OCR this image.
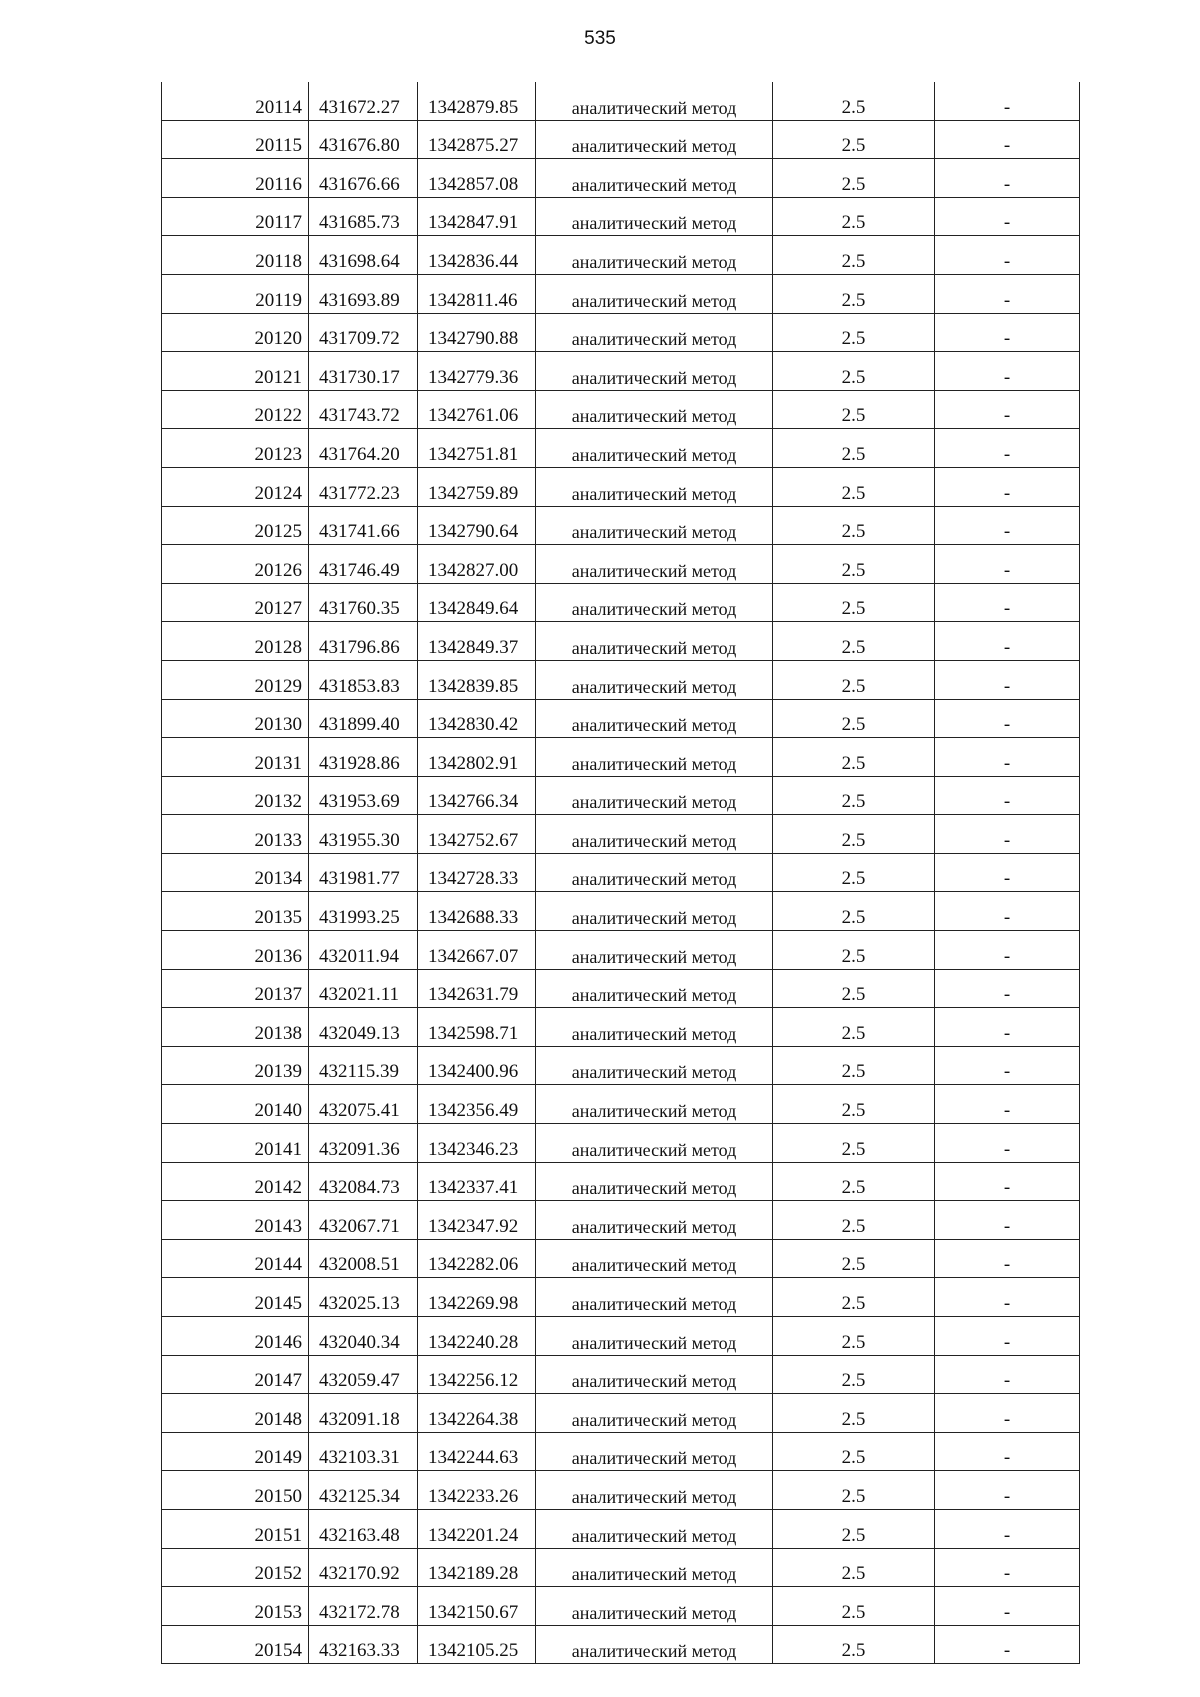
535
20114	431672.27	1342879.85	аналитический метод	2.5	-
20115	431676.80	1342875.27	аналитический метод	2.5	-
20116	431676.66	1342857.08	аналитический метод	2.5	-
20117	431685.73	1342847.91	аналитический метод	2.5	-
20118	431698.64	1342836.44	аналитический метод	2.5	-
20119	431693.89	1342811.46	аналитический метод	2.5	-
20120	431709.72	1342790.88	аналитический метод	2.5	-
20121	431730.17	1342779.36	аналитический метод	2.5	-
20122	431743.72	1342761.06	аналитический метод	2.5	-
20123	431764.20	1342751.81	аналитический метод	2.5	-
20124	431772.23	1342759.89	аналитический метод	2.5	-
20125	431741.66	1342790.64	аналитический метод	2.5	-
20126	431746.49	1342827.00	аналитический метод	2.5	-
20127	431760.35	1342849.64	аналитический метод	2.5	-
20128	431796.86	1342849.37	аналитический метод	2.5	-
20129	431853.83	1342839.85	аналитический метод	2.5	-
20130	431899.40	1342830.42	аналитический метод	2.5	-
20131	431928.86	1342802.91	аналитический метод	2.5	-
20132	431953.69	1342766.34	аналитический метод	2.5	-
20133	431955.30	1342752.67	аналитический метод	2.5	-
20134	431981.77	1342728.33	аналитический метод	2.5	-
20135	431993.25	1342688.33	аналитический метод	2.5	-
20136	432011.94	1342667.07	аналитический метод	2.5	-
20137	432021.11	1342631.79	аналитический метод	2.5	-
20138	432049.13	1342598.71	аналитический метод	2.5	-
20139	432115.39	1342400.96	аналитический метод	2.5	-
20140	432075.41	1342356.49	аналитический метод	2.5	-
20141	432091.36	1342346.23	аналитический метод	2.5	-
20142	432084.73	1342337.41	аналитический метод	2.5	-
20143	432067.71	1342347.92	аналитический метод	2.5	-
20144	432008.51	1342282.06	аналитический метод	2.5	-
20145	432025.13	1342269.98	аналитический метод	2.5	-
20146	432040.34	1342240.28	аналитический метод	2.5	-
20147	432059.47	1342256.12	аналитический метод	2.5	-
20148	432091.18	1342264.38	аналитический метод	2.5	-
20149	432103.31	1342244.63	аналитический метод	2.5	-
20150	432125.34	1342233.26	аналитический метод	2.5	-
20151	432163.48	1342201.24	аналитический метод	2.5	-
20152	432170.92	1342189.28	аналитический метод	2.5	-
20153	432172.78	1342150.67	аналитический метод	2.5	-
20154	432163.33	1342105.25	аналитический метод	2.5	-
